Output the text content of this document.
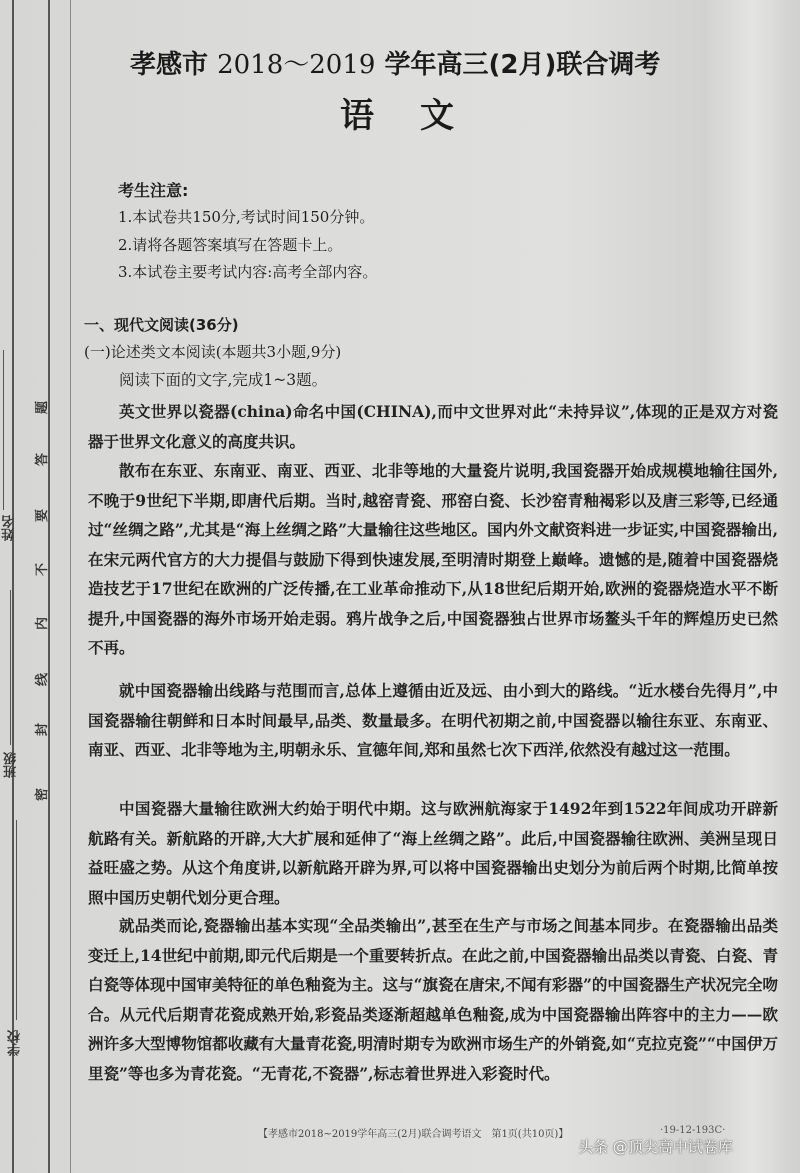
题
答
要
不
内
线
封
密
姓名
班级
学校
孝感市 2018～2019 学年高三(2月)联合调考
语文
考生注意:
1.本试卷共150分,考试时间150分钟。
2.请将各题答案填写在答题卡上。
3.本试卷主要考试内容:高考全部内容。
一、现代文阅读(36分)
(一)论述类文本阅读(本题共3小题,9分)
阅读下面的文字,完成1~3题。
英文世界以瓷器(china)命名中国(CHINA),而中文世界对此“未持异议”,体现的正是双方对瓷器于世界文化意义的高度共识。
散布在东亚、东南亚、南亚、西亚、北非等地的大量瓷片说明,我国瓷器开始成规模地输往国外,不晚于9世纪下半期,即唐代后期。当时,越窑青瓷、邢窑白瓷、长沙窑青釉褐彩以及唐三彩等,已经通过“丝绸之路”,尤其是“海上丝绸之路”大量输往这些地区。国内外文献资料进一步证实,中国瓷器输出,在宋元两代官方的大力提倡与鼓励下得到快速发展,至明清时期登上巅峰。遗憾的是,随着中国瓷器烧造技艺于17世纪在欧洲的广泛传播,在工业革命推动下,从18世纪后期开始,欧洲的瓷器烧造水平不断提升,中国瓷器的海外市场开始走弱。鸦片战争之后,中国瓷器独占世界市场鳌头千年的辉煌历史已然不再。
就中国瓷器输出线路与范围而言,总体上遵循由近及远、由小到大的路线。“近水楼台先得月”,中国瓷器输往朝鲜和日本时间最早,品类、数量最多。在明代初期之前,中国瓷器以输往东亚、东南亚、南亚、西亚、北非等地为主,明朝永乐、宣德年间,郑和虽然七次下西洋,依然没有越过这一范围。
中国瓷器大量输往欧洲大约始于明代中期。这与欧洲航海家于1492年到1522年间成功开辟新航路有关。新航路的开辟,大大扩展和延伸了“海上丝绸之路”。此后,中国瓷器输往欧洲、美洲呈现日益旺盛之势。从这个角度讲,以新航路开辟为界,可以将中国瓷器输出史划分为前后两个时期,比简单按照中国历史朝代划分更合理。
就品类而论,瓷器输出基本实现“全品类输出”,甚至在生产与市场之间基本同步。在瓷器输出品类变迁上,14世纪中前期,即元代后期是一个重要转折点。在此之前,中国瓷器输出品类以青瓷、白瓷、青白瓷等体现中国审美特征的单色釉瓷为主。这与“旗瓷在唐宋,不闻有彩器”的中国瓷器生产状况完全吻合。从元代后期青花瓷成熟开始,彩瓷品类逐渐超越单色釉瓷,成为中国瓷器输出阵容中的主力——欧洲许多大型博物馆都收藏有大量青花瓷,明清时期专为欧洲市场生产的外销瓷,如“克拉克瓷”“中国伊万里瓷”等也多为青花瓷。“无青花,不瓷器”,标志着世界进入彩瓷时代。
【孝感市2018~2019学年高三(2月)联合调考语文　第1页(共10页)】	·19-12-193C·
头条 @顶尖高中试卷库
